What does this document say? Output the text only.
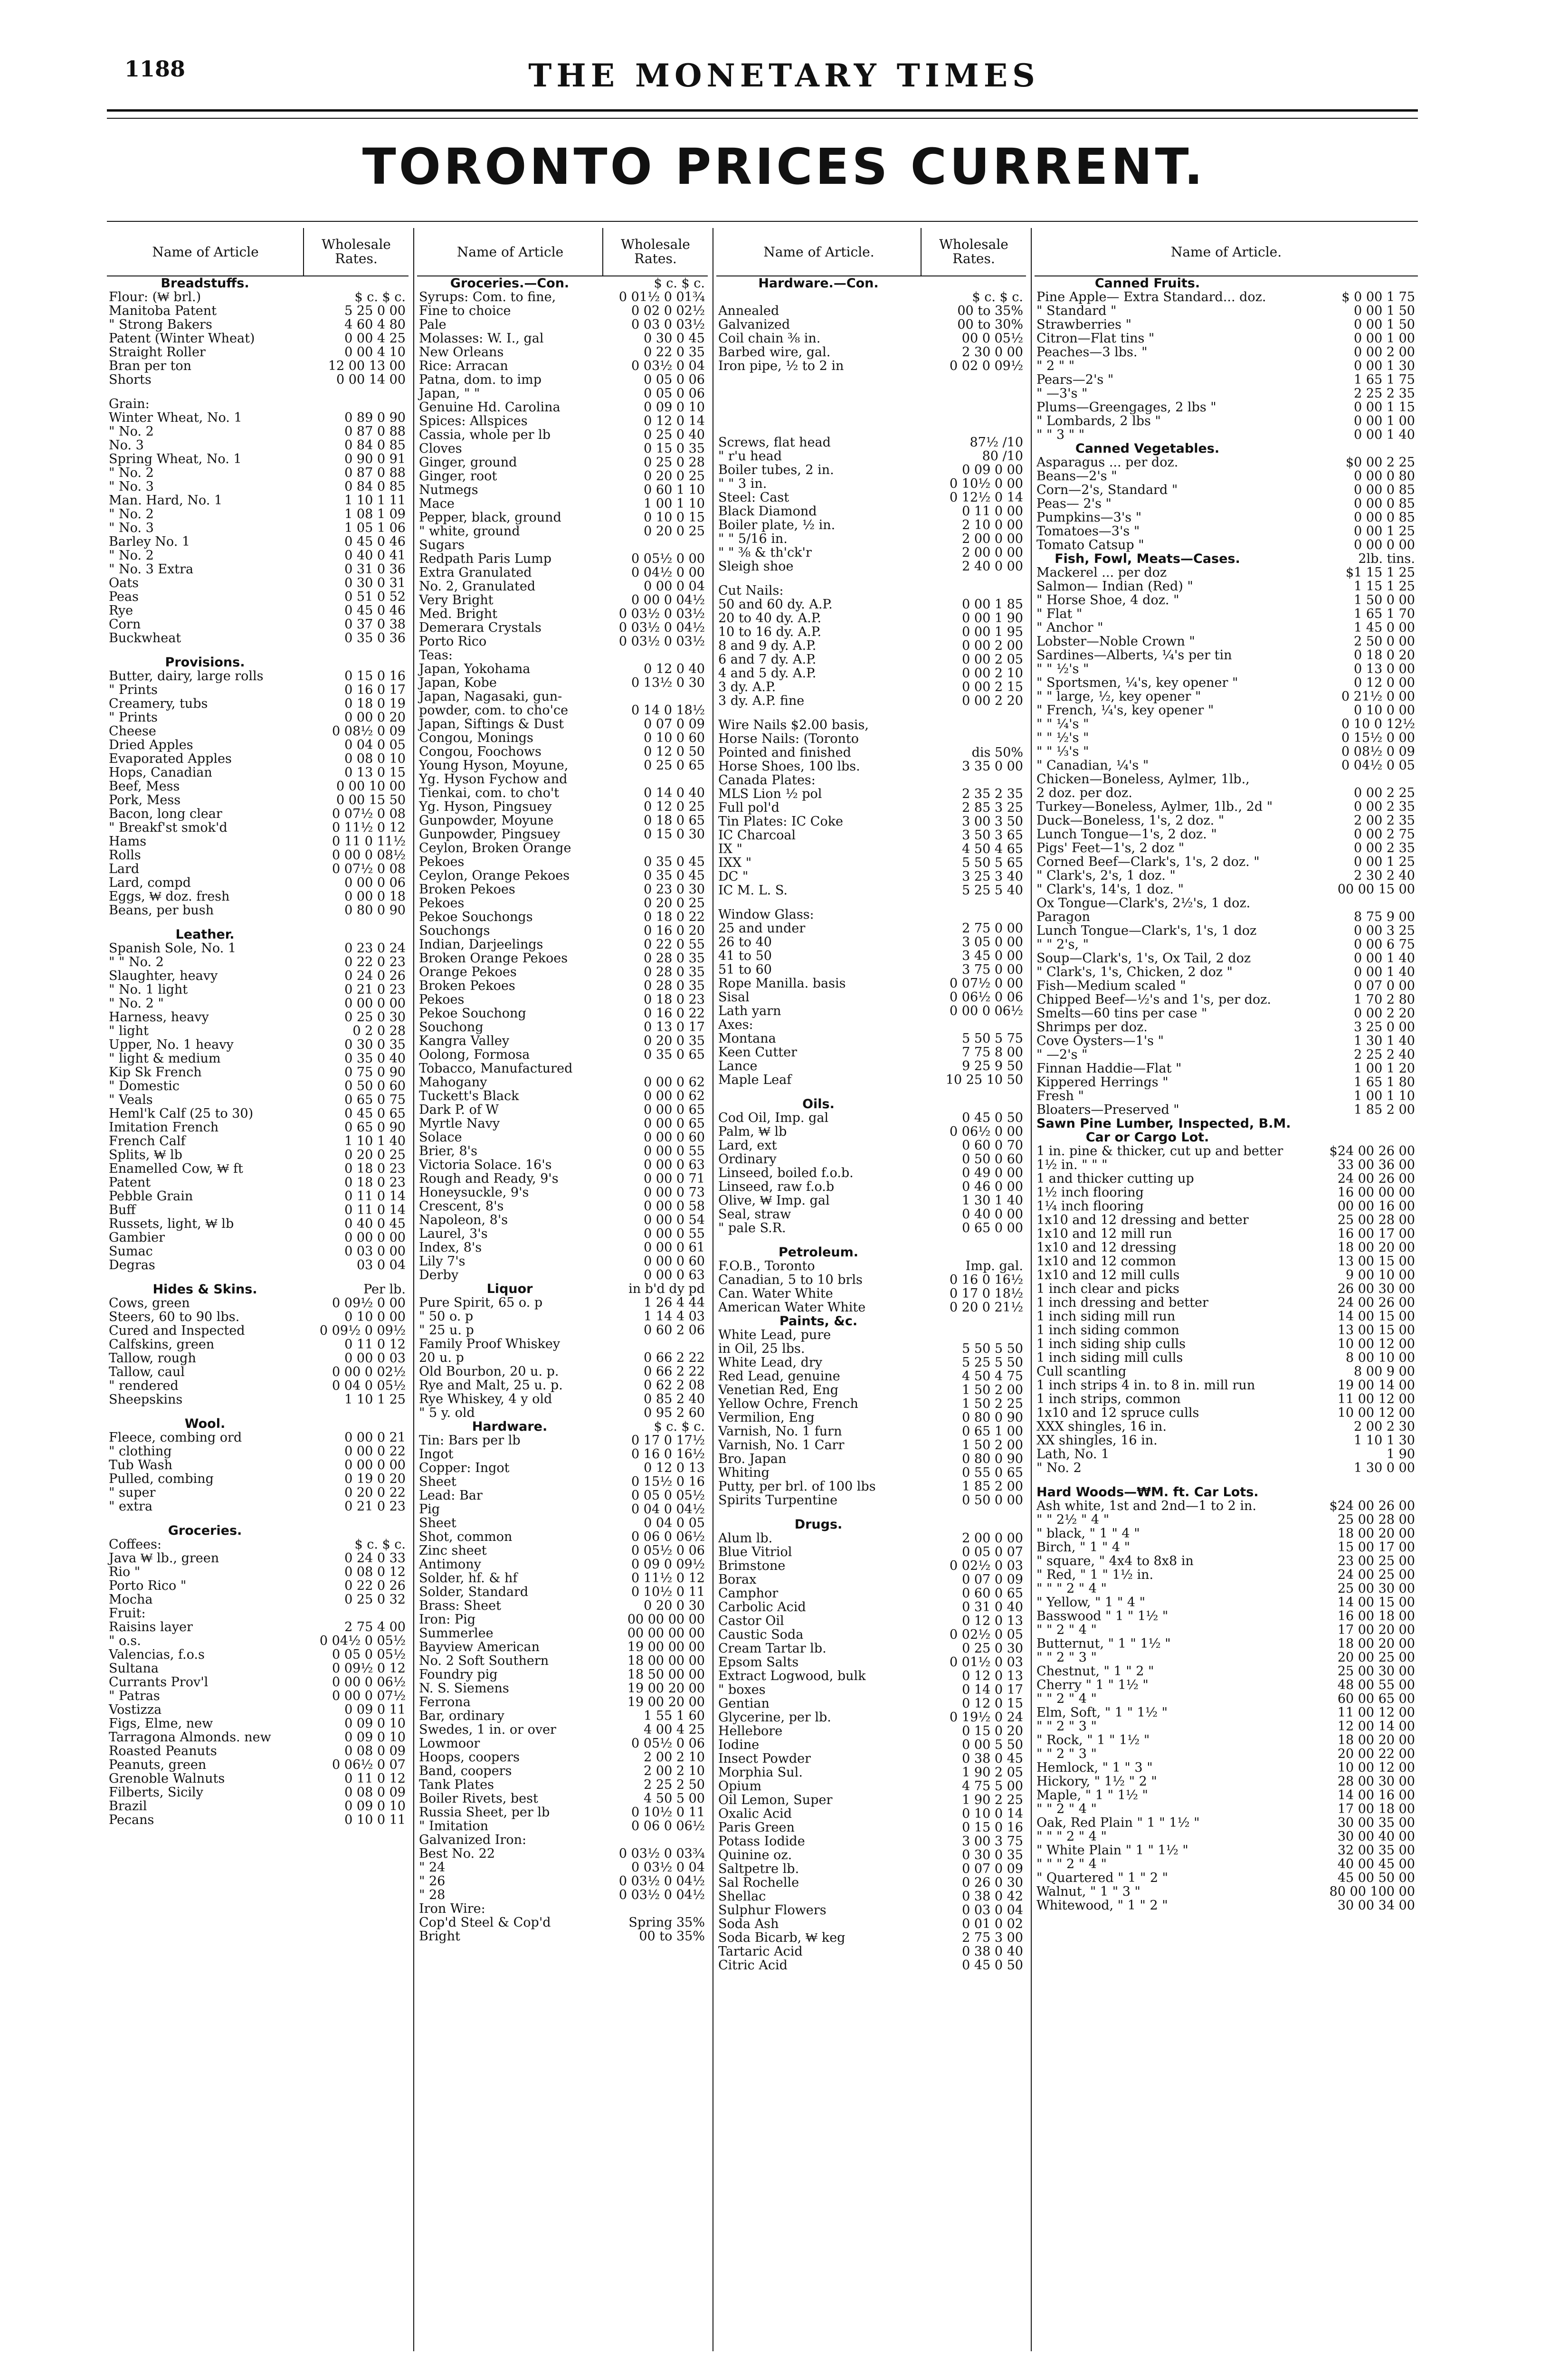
1188	THE MONETARY TIMES
TORONTO PRICES CURRENT.
Name of Article	Wholesale Rates.
Breadstuffs.
Flour: (₩ brl.)	$ c. $ c.
Manitoba Patent	5 25 0 00
" Strong Bakers	4 60 4 80
Patent (Winter Wheat)	0 00 4 25
Straight Roller	0 00 4 10
Bran per ton	12 00 13 00
Shorts	0 00 14 00
Grain:
Winter Wheat, No. 1	0 89 0 90
" No. 2	0 87 0 88
No. 3	0 84 0 85
Spring Wheat, No. 1	0 90 0 91
" No. 2	0 87 0 88
" No. 3	0 84 0 85
Man. Hard, No. 1	1 10 1 11
" No. 2	1 08 1 09
" No. 3	1 05 1 06
Barley No. 1	0 45 0 46
" No. 2	0 40 0 41
" No. 3 Extra	0 31 0 36
Oats	0 30 0 31
Peas	0 51 0 52
Rye	0 45 0 46
Corn	0 37 0 38
Buckwheat	0 35 0 36
Provisions.
Butter, dairy, large rolls	0 15 0 16
" Prints	0 16 0 17
Creamery, tubs	0 18 0 19
" Prints	0 00 0 20
Cheese	0 08½ 0 09
Dried Apples	0 04 0 05
Evaporated Apples	0 08 0 10
Hops, Canadian	0 13 0 15
Beef, Mess	0 00 10 00
Pork, Mess	0 00 15 50
Bacon, long clear	0 07½ 0 08
" Breakf'st smok'd	0 11½ 0 12
Hams	0 11 0 11½
Rolls	0 00 0 08½
Lard	0 07½ 0 08
Lard, compd	0 00 0 06
Eggs, ₩ doz. fresh	0 00 0 18
Beans, per bush	0 80 0 90
Leather.
Spanish Sole, No. 1	0 23 0 24
" " No. 2	0 22 0 23
Slaughter, heavy	0 24 0 26
" No. 1 light	0 21 0 23
" No. 2 "	0 00 0 00
Harness, heavy	0 25 0 30
" light	0 2 0 28
Upper, No. 1 heavy	0 30 0 35
" light & medium	0 35 0 40
Kip Sk French	0 75 0 90
" Domestic	0 50 0 60
" Veals	0 65 0 75
Heml'k Calf (25 to 30)	0 45 0 65
Imitation French	0 65 0 90
French Calf	1 10 1 40
Splits, ₩ lb	0 20 0 25
Enamelled Cow, ₩ ft	0 18 0 23
Patent	0 18 0 23
Pebble Grain	0 11 0 14
Buff	0 11 0 14
Russets, light, ₩ lb	0 40 0 45
Gambier	0 00 0 00
Sumac	0 03 0 00
Degras	03 0 04
Hides & Skins.	Per lb.
Cows, green	0 09½ 0 00
Steers, 60 to 90 lbs.	0 10 0 00
Cured and Inspected	0 09½ 0 09½
Calfskins, green	0 11 0 12
Tallow, rough	0 00 0 03
Tallow, caul	0 00 0 02½
" rendered	0 04 0 05½
Sheepskins	1 10 1 25
Wool.
Fleece, combing ord	0 00 0 21
" clothing	0 00 0 22
Tub Wash	0 00 0 00
Pulled, combing	0 19 0 20
" super	0 20 0 22
" extra	0 21 0 23
Groceries.
Coffees:	$ c. $ c.
Java ₩ lb., green	0 24 0 33
Rio "	0 08 0 12
Porto Rico "	0 22 0 26
Mocha	0 25 0 32
Fruit:
Raisins layer	2 75 4 00
" o.s.	0 04½ 0 05½
Valencias, f.o.s	0 05 0 05½
Sultana	0 09½ 0 12
Currants Prov'l	0 00 0 06½
" Patras	0 00 0 07½
Vostizza	0 09 0 11
Figs, Elme, new	0 09 0 10
Tarragona Almonds. new	0 09 0 10
Roasted Peanuts	0 08 0 09
Peanuts, green	0 06½ 0 07
Grenoble Walnuts	0 11 0 12
Filberts, Sicily	0 08 0 09
Brazil	0 09 0 10
Pecans	0 10 0 11
Name of Article	Wholesale Rates.
Groceries.—Con.	$ c. $ c.
Syrups: Com. to fine,	0 01½ 0 01¾
Fine to choice	0 02 0 02½
Pale	0 03 0 03½
Molasses: W. I., gal	0 30 0 45
New Orleans	0 22 0 35
Rice: Arracan	0 03½ 0 04
Patna, dom. to imp	0 05 0 06
Japan, " "	0 05 0 06
Genuine Hd. Carolina	0 09 0 10
Spices: Allspices	0 12 0 14
Cassia, whole per lb	0 25 0 40
Cloves	0 15 0 35
Ginger, ground	0 25 0 28
Ginger, root	0 20 0 25
Nutmegs	0 60 1 10
Mace	1 00 1 10
Pepper, black, ground	0 10 0 15
" white, ground	0 20 0 25
Sugars
Redpath Paris Lump	0 05½ 0 00
Extra Granulated	0 04½ 0 00
No. 2, Granulated	0 00 0 04
Very Bright	0 00 0 04½
Med. Bright	0 03½ 0 03½
Demerara Crystals	0 03½ 0 04½
Porto Rico	0 03½ 0 03½
Teas:
Japan, Yokohama	0 12 0 40
Japan, Kobe	0 13½ 0 30
Japan, Nagasaki, gun-
powder, com. to cho'ce	0 14 0 18½
Japan, Siftings & Dust	0 07 0 09
Congou, Monings	0 10 0 60
Congou, Foochows	0 12 0 50
Young Hyson, Moyune,	0 25 0 65
Yg. Hyson Fychow and
Tienkai, com. to cho't	0 14 0 40
Yg. Hyson, Pingsuey	0 12 0 25
Gunpowder, Moyune	0 18 0 65
Gunpowder, Pingsuey	0 15 0 30
Ceylon, Broken Orange
Pekoes	0 35 0 45
Ceylon, Orange Pekoes	0 35 0 45
Broken Pekoes	0 23 0 30
Pekoes	0 20 0 25
Pekoe Souchongs	0 18 0 22
Souchongs	0 16 0 20
Indian, Darjeelings	0 22 0 55
Broken Orange Pekoes	0 28 0 35
Orange Pekoes	0 28 0 35
Broken Pekoes	0 28 0 35
Pekoes	0 18 0 23
Pekoe Souchong	0 16 0 22
Souchong	0 13 0 17
Kangra Valley	0 20 0 35
Oolong, Formosa	0 35 0 65
Tobacco, Manufactured
Mahogany	0 00 0 62
Tuckett's Black	0 00 0 62
Dark P. of W	0 00 0 65
Myrtle Navy	0 00 0 65
Solace	0 00 0 60
Brier, 8's	0 00 0 55
Victoria Solace. 16's	0 00 0 63
Rough and Ready, 9's	0 00 0 71
Honeysuckle, 9's	0 00 0 73
Crescent, 8's	0 00 0 58
Napoleon, 8's	0 00 0 54
Laurel, 3's	0 00 0 55
Index, 8's	0 00 0 61
Lily 7's	0 00 0 60
Derby	0 00 0 63
Liquor	in b'd dy pd
Pure Spirit, 65 o. p	1 26 4 44
" 50 o. p	1 14 4 03
" 25 u. p	0 60 2 06
Family Proof Whiskey
20 u. p	0 66 2 22
Old Bourbon, 20 u. p.	0 66 2 22
Rye and Malt, 25 u. p.	0 62 2 08
Rye Whiskey, 4 y old	0 85 2 40
" 5 y. old	0 95 2 60
Hardware.	$ c. $ c.
Tin: Bars per lb	0 17 0 17½
Ingot	0 16 0 16½
Copper: Ingot	0 12 0 13
Sheet	0 15½ 0 16
Lead: Bar	0 05 0 05½
Pig	0 04 0 04½
Sheet	0 04 0 05
Shot, common	0 06 0 06½
Zinc sheet	0 05½ 0 06
Antimony	0 09 0 09½
Solder, hf. & hf	0 11½ 0 12
Solder, Standard	0 10½ 0 11
Brass: Sheet	0 20 0 30
Iron: Pig	00 00 00 00
Summerlee	00 00 00 00
Bayview American	19 00 00 00
No. 2 Soft Southern	18 00 00 00
Foundry pig	18 50 00 00
N. S. Siemens	19 00 20 00
Ferrona	19 00 20 00
Bar, ordinary	1 55 1 60
Swedes, 1 in. or over	4 00 4 25
Lowmoor	0 05½ 0 06
Hoops, coopers	2 00 2 10
Band, coopers	2 00 2 10
Tank Plates	2 25 2 50
Boiler Rivets, best	4 50 5 00
Russia Sheet, per lb	0 10½ 0 11
" Imitation	0 06 0 06½
Galvanized Iron:
Best No. 22	0 03½ 0 03¾
" 24	0 03½ 0 04
" 26	0 03½ 0 04½
" 28	0 03½ 0 04½
Iron Wire:
Cop'd Steel & Cop'd	Spring 35%
Bright	00 to 35%
Name of Article.	Wholesale Rates.
Hardware.—Con.
$ c. $ c.
Annealed	00 to 35%
Galvanized	00 to 30%
Coil chain ⅜ in.	00 0 05½
Barbed wire, gal.	2 30 0 00
Iron pipe, ½ to 2 in	0 02 0 09½
Screws, flat head	87½ /10
" r'u head	80 /10
Boiler tubes, 2 in.	0 09 0 00
" " 3 in.	0 10½ 0 00
Steel: Cast	0 12½ 0 14
Black Diamond	0 11 0 00
Boiler plate, ½ in.	2 10 0 00
" " 5/16 in.	2 00 0 00
" " ⅜ & th'ck'r	2 00 0 00
Sleigh shoe	2 40 0 00
Cut Nails:
50 and 60 dy. A.P.	0 00 1 85
20 to 40 dy. A.P.	0 00 1 90
10 to 16 dy. A.P.	0 00 1 95
8 and 9 dy. A.P.	0 00 2 00
6 and 7 dy. A.P.	0 00 2 05
4 and 5 dy. A.P.	0 00 2 10
3 dy. A.P.	0 00 2 15
3 dy. A.P. fine	0 00 2 20
Wire Nails $2.00 basis,
Horse Nails: (Toronto
Pointed and finished	dis 50%
Horse Shoes, 100 lbs.	3 35 0 00
Canada Plates:
MLS Lion ½ pol	2 35 2 35
Full pol'd	2 85 3 25
Tin Plates: IC Coke	3 00 3 50
IC Charcoal	3 50 3 65
IX "	4 50 4 65
IXX "	5 50 5 65
DC "	3 25 3 40
IC M. L. S.	5 25 5 40
Window Glass:
25 and under	2 75 0 00
26 to 40	3 05 0 00
41 to 50	3 45 0 00
51 to 60	3 75 0 00
Rope Manilla. basis	0 07½ 0 00
Sisal	0 06½ 0 06
Lath yarn	0 00 0 06½
Axes:
Montana	5 50 5 75
Keen Cutter	7 75 8 00
Lance	9 25 9 50
Maple Leaf	10 25 10 50
Oils.
Cod Oil, Imp. gal	0 45 0 50
Palm, ₩ lb	0 06½ 0 00
Lard, ext	0 60 0 70
Ordinary	0 50 0 60
Linseed, boiled f.o.b.	0 49 0 00
Linseed, raw f.o.b	0 46 0 00
Olive, ₩ Imp. gal	1 30 1 40
Seal, straw	0 40 0 00
" pale S.R.	0 65 0 00
Petroleum.
F.O.B., Toronto	Imp. gal.
Canadian, 5 to 10 brls	0 16 0 16½
Can. Water White	0 17 0 18½
American Water White	0 20 0 21½
Paints, &c.
White Lead, pure
in Oil, 25 lbs.	5 50 5 50
White Lead, dry	5 25 5 50
Red Lead, genuine	4 50 4 75
Venetian Red, Eng	1 50 2 00
Yellow Ochre, French	1 50 2 25
Vermilion, Eng	0 80 0 90
Varnish, No. 1 furn	0 65 1 00
Varnish, No. 1 Carr	1 50 2 00
Bro. Japan	0 80 0 90
Whiting	0 55 0 65
Putty, per brl. of 100 lbs	1 85 2 00
Spirits Turpentine	0 50 0 00
Drugs.
Alum lb.	2 00 0 00
Blue Vitriol	0 05 0 07
Brimstone	0 02½ 0 03
Borax	0 07 0 09
Camphor	0 60 0 65
Carbolic Acid	0 31 0 40
Castor Oil	0 12 0 13
Caustic Soda	0 02½ 0 05
Cream Tartar lb.	0 25 0 30
Epsom Salts	0 01½ 0 03
Extract Logwood, bulk	0 12 0 13
" boxes	0 14 0 17
Gentian	0 12 0 15
Glycerine, per lb.	0 19½ 0 24
Hellebore	0 15 0 20
Iodine	0 00 5 50
Insect Powder	0 38 0 45
Morphia Sul.	1 90 2 05
Opium	4 75 5 00
Oil Lemon, Super	1 90 2 25
Oxalic Acid	0 10 0 14
Paris Green	0 15 0 16
Potass Iodide	3 00 3 75
Quinine oz.	0 30 0 35
Saltpetre lb.	0 07 0 09
Sal Rochelle	0 26 0 30
Shellac	0 38 0 42
Sulphur Flowers	0 03 0 04
Soda Ash	0 01 0 02
Soda Bicarb, ₩ keg	2 75 3 00
Tartaric Acid	0 38 0 40
Citric Acid	0 45 0 50
Name of Article.
Canned Fruits.
Pine Apple— Extra Standard... doz.	$ 0 00 1 75
" Standard "	0 00 1 50
Strawberries "	0 00 1 50
Citron—Flat tins "	0 00 1 00
Peaches—3 lbs. "	0 00 2 00
" 2 " "	0 00 1 30
Pears—2's "	1 65 1 75
" —3's "	2 25 2 35
Plums—Greengages, 2 lbs "	0 00 1 15
" Lombards, 2 lbs "	0 00 1 00
" " 3 " "	0 00 1 40
Canned Vegetables.
Asparagus ... per doz.	$0 00 2 25
Beans—2's "	0 00 0 80
Corn—2's, Standard "	0 00 0 85
Peas— 2's "	0 00 0 85
Pumpkins—3's "	0 00 0 85
Tomatoes—3's "	0 00 1 25
Tomato Catsup "	0 00 0 00
Fish, Fowl, Meats—Cases.	2lb. tins.
Mackerel ... per doz	$1 15 1 25
Salmon— Indian (Red) "	1 15 1 25
" Horse Shoe, 4 doz. "	1 50 0 00
" Flat "	1 65 1 70
" Anchor "	1 45 0 00
Lobster—Noble Crown "	2 50 0 00
Sardines—Alberts, ¼'s per tin	0 18 0 20
" " ½'s "	0 13 0 00
" Sportsmen, ¼'s, key opener "	0 12 0 00
" " large, ½, key opener "	0 21½ 0 00
" French, ¼'s, key opener "	0 10 0 00
" " ¼'s "	0 10 0 12½
" " ½'s "	0 15½ 0 00
" " ⅓'s "	0 08½ 0 09
" Canadian, ¼'s "	0 04½ 0 05
Chicken—Boneless, Aylmer, 1lb.,
2 doz. per doz.	0 00 2 25
Turkey—Boneless, Aylmer, 1lb., 2d "	0 00 2 35
Duck—Boneless, 1's, 2 doz. "	2 00 2 35
Lunch Tongue—1's, 2 doz. "	0 00 2 75
Pigs' Feet—1's, 2 doz "	0 00 2 35
Corned Beef—Clark's, 1's, 2 doz. "	0 00 1 25
" Clark's, 2's, 1 doz. "	2 30 2 40
" Clark's, 14's, 1 doz. "	00 00 15 00
Ox Tongue—Clark's, 2½'s, 1 doz.
Paragon	8 75 9 00
Lunch Tongue—Clark's, 1's, 1 doz	0 00 3 25
" " 2's, "	0 00 6 75
Soup—Clark's, 1's, Ox Tail, 2 doz	0 00 1 40
" Clark's, 1's, Chicken, 2 doz "	0 00 1 40
Fish—Medium scaled "	0 07 0 00
Chipped Beef—½'s and 1's, per doz.	1 70 2 80
Smelts—60 tins per case "	0 00 2 20
Shrimps per doz.	3 25 0 00
Cove Oysters—1's "	1 30 1 40
" —2's "	2 25 2 40
Finnan Haddie—Flat "	1 00 1 20
Kippered Herrings "	1 65 1 80
Fresh "	1 00 1 10
Bloaters—Preserved "	1 85 2 00
Sawn Pine Lumber, Inspected, B.M.
Car or Cargo Lot.
1 in. pine & thicker, cut up and better	$24 00 26 00
1½ in. " " "	33 00 36 00
1 and thicker cutting up	24 00 26 00
1½ inch flooring	16 00 00 00
1¼ inch flooring	00 00 16 00
1x10 and 12 dressing and better	25 00 28 00
1x10 and 12 mill run	16 00 17 00
1x10 and 12 dressing	18 00 20 00
1x10 and 12 common	13 00 15 00
1x10 and 12 mill culls	9 00 10 00
1 inch clear and picks	26 00 30 00
1 inch dressing and better	24 00 26 00
1 inch siding mill run	14 00 15 00
1 inch siding common	13 00 15 00
1 inch siding ship culls	10 00 12 00
1 inch siding mill culls	8 00 10 00
Cull scantling	8 00 9 00
1 inch strips 4 in. to 8 in. mill run	19 00 14 00
1 inch strips, common	11 00 12 00
1x10 and 12 spruce culls	10 00 12 00
XXX shingles, 16 in.	2 00 2 30
XX shingles, 16 in.	1 10 1 30
Lath, No. 1	1 90
" No. 2	1 30 0 00
Hard Woods—₩M. ft. Car Lots.
Ash white, 1st and 2nd—1 to 2 in.	$24 00 26 00
" " 2½ " 4 "	25 00 28 00
" black, " 1 " 4 "	18 00 20 00
Birch, " 1 " 4 "	15 00 17 00
" square, " 4x4 to 8x8 in	23 00 25 00
" Red, " 1 " 1½ in.	24 00 25 00
" " " 2 " 4 "	25 00 30 00
" Yellow, " 1 " 4 "	14 00 15 00
Basswood " 1 " 1½ "	16 00 18 00
" " 2 " 4 "	17 00 20 00
Butternut, " 1 " 1½ "	18 00 20 00
" " 2 " 3 "	20 00 25 00
Chestnut, " 1 " 2 "	25 00 30 00
Cherry " 1 " 1½ "	48 00 55 00
" " 2 " 4 "	60 00 65 00
Elm, Soft, " 1 " 1½ "	11 00 12 00
" " 2 " 3 "	12 00 14 00
" Rock, " 1 " 1½ "	18 00 20 00
" " 2 " 3 "	20 00 22 00
Hemlock, " 1 " 3 "	10 00 12 00
Hickory, " 1½ " 2 "	28 00 30 00
Maple, " 1 " 1½ "	14 00 16 00
" " 2 " 4 "	17 00 18 00
Oak, Red Plain " 1 " 1½ "	30 00 35 00
" " " 2 " 4 "	30 00 40 00
" White Plain " 1 " 1½ "	32 00 35 00
" " " 2 " 4 "	40 00 45 00
" Quartered " 1 " 2 "	45 00 50 00
Walnut, " 1 " 3 "	80 00 100 00
Whitewood, " 1 " 2 "	30 00 34 00
